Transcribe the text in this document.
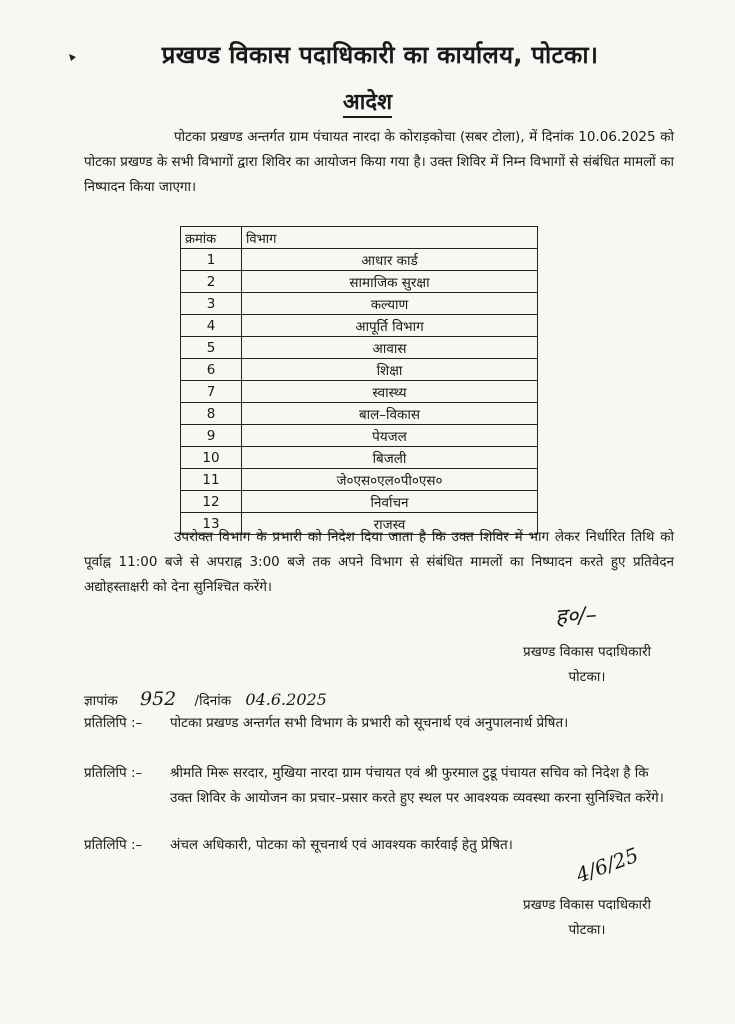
प्रखण्ड विकास पदाधिकारी का कार्यालय, पोटका।
आदेश
पोटका प्रखण्ड अन्तर्गत ग्राम पंचायत नारदा के कोराड़कोचा (सबर टोला), में दिनांक 10.06.2025 को पोटका प्रखण्ड के सभी विभागों द्वारा शिविर का आयोजन किया गया है। उक्त शिविर में निम्न विभागों से संबंधित मामलों का निष्पादन किया जाएगा।
क्रमांक	विभाग
1	आधार कार्ड
2	सामाजिक सुरक्षा
3	कल्याण
4	आपूर्ति विभाग
5	आवास
6	शिक्षा
7	स्वास्थ्य
8	बाल–विकास
9	पेयजल
10	बिजली
11	जे०एस०एल०पी०एस०
12	निर्वाचन
13	राजस्व
उपरोक्त विभाग के प्रभारी को निदेश दिया जाता है कि उक्त शिविर में भाग लेकर निर्धारित तिथि को पूर्वाह्न 11:00 बजे से अपराह्न 3:00 बजे तक अपने विभाग से संबंधित मामलों का निष्पादन करते हुए प्रतिवेदन अद्योहस्ताक्षरी को देना सुनिश्चित करेंगे।
ह०/–
प्रखण्ड विकास पदाधिकारी
पोटका।
ज्ञापांक 952 /दिनांक 04.6.2025
प्रतिलिपि :–	पोटका प्रखण्ड अन्तर्गत सभी विभाग के प्रभारी को सूचनार्थ एवं अनुपालनार्थ प्रेषित।
प्रतिलिपि :–	श्रीमति मिरू सरदार, मुखिया नारदा ग्राम पंचायत एवं श्री फुरमाल टुडू पंचायत सचिव को निदेश है कि उक्त शिविर के आयोजन का प्रचार–प्रसार करते हुए स्थल पर आवश्यक व्यवस्था करना सुनिश्चित करेंगे।
प्रतिलिपि :–	अंचल अधिकारी, पोटका को सूचनार्थ एवं आवश्यक कार्रवाई हेतु प्रेषित।	4/6/25
प्रखण्ड विकास पदाधिकारी
पोटका।
